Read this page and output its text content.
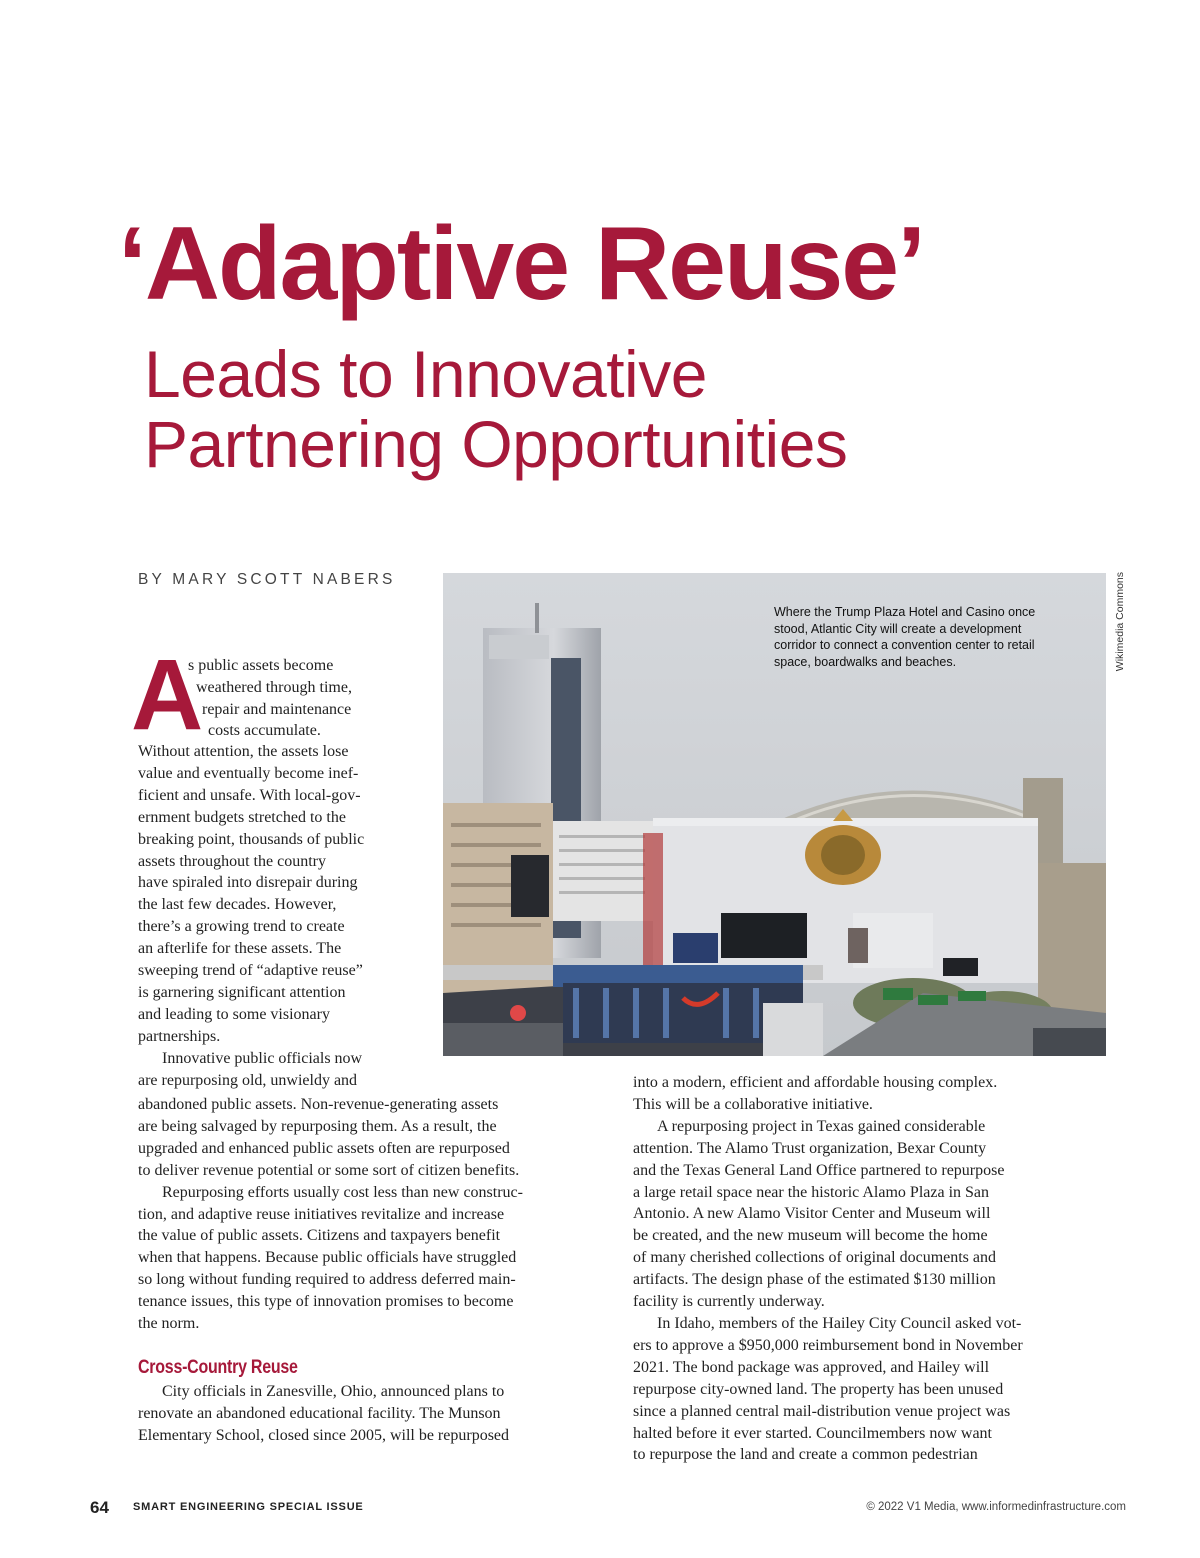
‘Adaptive Reuse’
Leads to Innovative
Partnering Opportunities
BY MARY SCOTT NABERS
Where the Trump Plaza Hotel and Casino once stood, Atlantic City will create a development corridor to connect a convention center to retail space, boardwalks and beaches.	Wikimedia Commons
A
s public assets become
weathered through time,
repair and maintenance
costs accumulate.
Without attention, the assets lose
value and eventually become inef-
ficient and unsafe. With local-gov-
ernment budgets stretched to the
breaking point, thousands of public
assets throughout the country
have spiraled into disrepair during
the last few decades. However,
there’s a growing trend to create
an afterlife for these assets. The
sweeping trend of “adaptive reuse”
is garnering significant attention
and leading to some visionary
partnerships.
Innovative public officials now
are repurposing old, unwieldy and
abandoned public assets. Non-revenue-generating assets
are being salvaged by repurposing them. As a result, the
upgraded and enhanced public assets often are repurposed
to deliver revenue potential or some sort of citizen benefits.
Repurposing efforts usually cost less than new construc-
tion, and adaptive reuse initiatives revitalize and increase
the value of public assets. Citizens and taxpayers benefit
when that happens. Because public officials have struggled
so long without funding required to address deferred main-
tenance issues, this type of innovation promises to become
the norm.
Cross-Country Reuse
City officials in Zanesville, Ohio, announced plans to
renovate an abandoned educational facility. The Munson
Elementary School, closed since 2005, will be repurposed
into a modern, efficient and affordable housing complex.
This will be a collaborative initiative.
A repurposing project in Texas gained considerable
attention. The Alamo Trust organization, Bexar County
and the Texas General Land Office partnered to repurpose
a large retail space near the historic Alamo Plaza in San
Antonio. A new Alamo Visitor Center and Museum will
be created, and the new museum will become the home
of many cherished collections of original documents and
artifacts. The design phase of the estimated $130 million
facility is currently underway.
In Idaho, members of the Hailey City Council asked vot-
ers to approve a $950,000 reimbursement bond in November
2021. The bond package was approved, and Hailey will
repurpose city-owned land. The property has been unused
since a planned central mail-distribution venue project was
halted before it ever started. Councilmembers now want
to repurpose the land and create a common pedestrian
64 SMART ENGINEERING SPECIAL ISSUE	© 2022 V1 Media, www.informedinfrastructure.com
